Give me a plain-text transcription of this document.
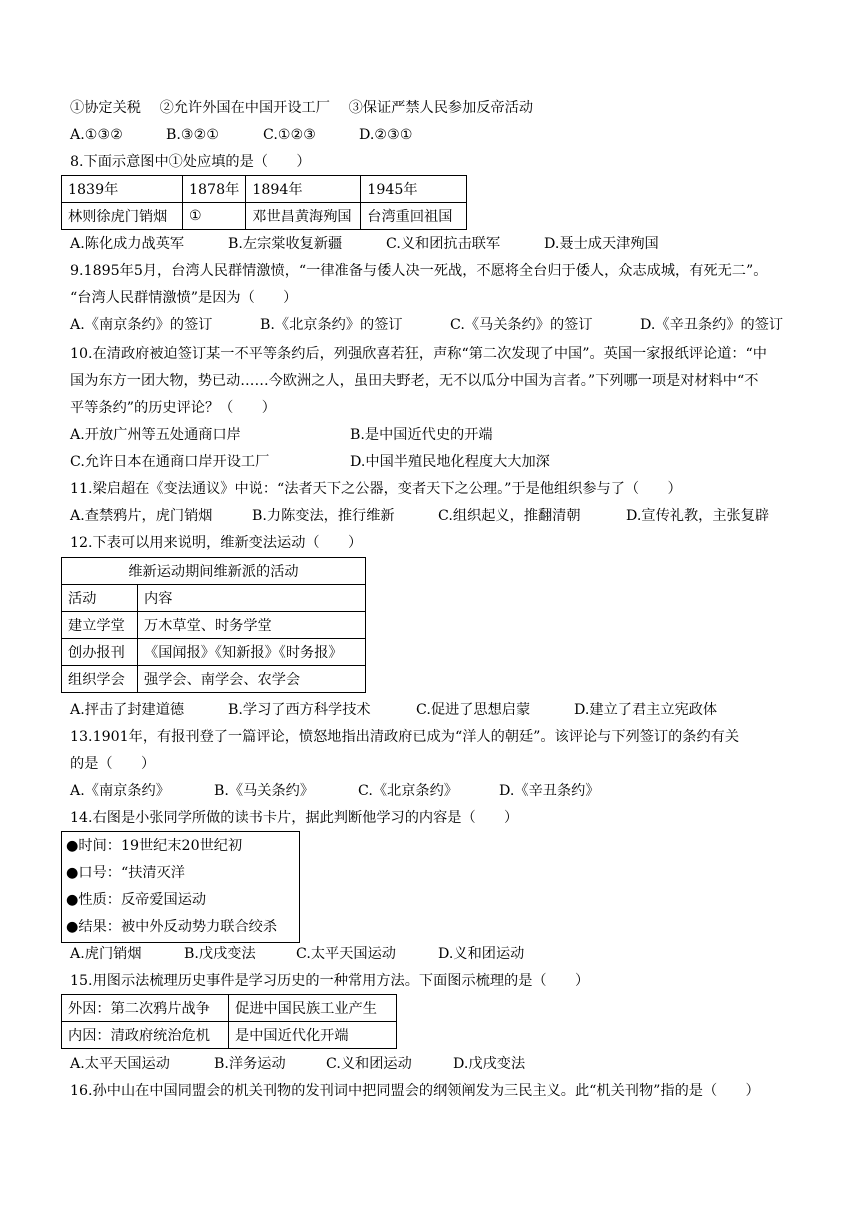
①协定关税　 ②允许外国在中国开设工厂　 ③保证严禁人民参加反帝活动
A.①③②	B.③②①	C.①②③	D.②③①
8.下面示意图中①处应填的是（　　）
1839年	1878年	1894年	1945年
林则徐虎门销烟	①	邓世昌黄海殉国	台湾重回祖国
A.陈化成力战英军	B.左宗棠收复新疆	C.义和团抗击联军	D.聂士成天津殉国
9.1895年5月，台湾人民群情激愤，“一律准备与倭人决一死战，不愿将全台归于倭人，众志成城，有死无二”。
“台湾人民群情激愤”是因为（　　）
A.《南京条约》的签订	B.《北京条约》的签订	C.《马关条约》的签订	D.《辛丑条约》的签订
10.在清政府被迫签订某一不平等条约后，列强欣喜若狂，声称“第二次发现了中国”。英国一家报纸评论道：“中
国为东方一团大物，势已动……今欧洲之人，虽田夫野老，无不以瓜分中国为言者。”下列哪一项是对材料中“不
平等条约”的历史评论？（　　）
A.开放广州等五处通商口岸	B.是中国近代史的开端
C.允许日本在通商口岸开设工厂	D.中国半殖民地化程度大大加深
11.梁启超在《变法通议》中说：“法者天下之公器，变者天下之公理。”于是他组织参与了（　　）
A.查禁鸦片，虎门销烟	B.力陈变法，推行维新	C.组织起义，推翻清朝	D.宣传礼教，主张复辟
12.下表可以用来说明，维新变法运动（　　）
维新运动期间维新派的活动	
活动	内容
建立学堂	万木草堂、时务学堂
创办报刊	《国闻报》《知新报》《时务报》
组织学会	强学会、南学会、农学会
A.抨击了封建道德	B.学习了西方科学技术	C.促进了思想启蒙	D.建立了君主立宪政体
13.1901年，有报刊登了一篇评论，愤怒地指出清政府已成为“洋人的朝廷”。该评论与下列签订的条约有关
的是（　　）
A.《南京条约》	B.《马关条约》	C.《北京条约》	D.《辛丑条约》
14.右图是小张同学所做的读书卡片，据此判断他学习的内容是（　　）
●时间：19世纪末20世纪初
●口号：“扶清灭洋
●性质：反帝爱国运动
●结果：被中外反动势力联合绞杀
A.虎门销烟	B.戊戌变法	C.太平天国运动	D.义和团运动
15.用图示法梳理历史事件是学习历史的一种常用方法。下面图示梳理的是（　　）
外因：第二次鸦片战争	促进中国民族工业产生
内因：清政府统治危机	是中国近代化开端
A.太平天国运动	B.洋务运动	C.义和团运动	D.戊戌变法
16.孙中山在中国同盟会的机关刊物的发刊词中把同盟会的纲领阐发为三民主义。此“机关刊物”指的是（　　）
